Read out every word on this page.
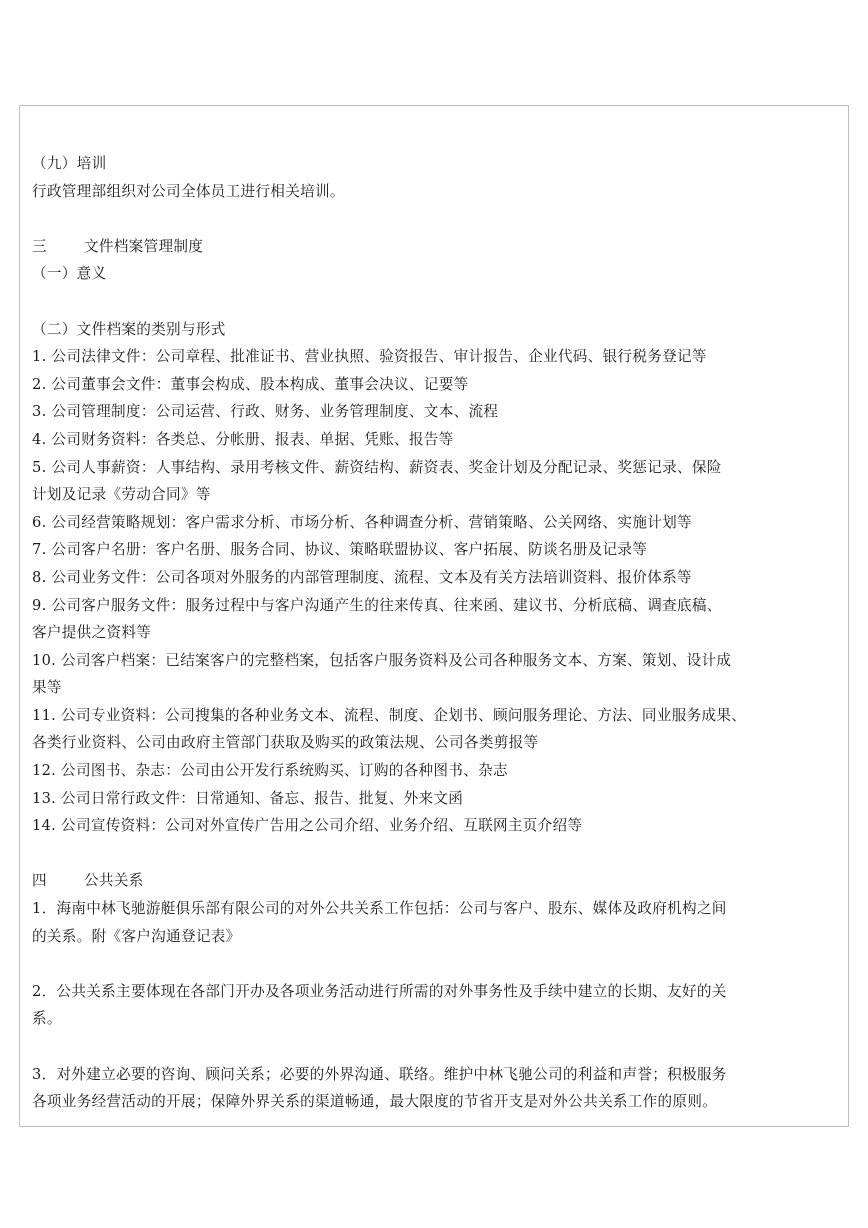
（九）培训
行政管理部组织对公司全体员工进行相关培训。
三	文件档案管理制度
（一）意义
（二）文件档案的类别与形式
1. 公司法律文件：公司章程、批准证书、营业执照、验资报告、审计报告、企业代码、银行税务登记等
2. 公司董事会文件：董事会构成、股本构成、董事会决议、记要等
3. 公司管理制度：公司运营、行政、财务、业务管理制度、文本、流程
4. 公司财务资料：各类总、分帐册、报表、单据、凭账、报告等
5. 公司人事薪资：人事结构、录用考核文件、薪资结构、薪资表、奖金计划及分配记录、奖惩记录、保险
计划及记录《劳动合同》等
6. 公司经营策略规划：客户需求分析、市场分析、各种调查分析、营销策略、公关网络、实施计划等
7. 公司客户名册：客户名册、服务合同、协议、策略联盟协议、客户拓展、防谈名册及记录等
8. 公司业务文件：公司各项对外服务的内部管理制度、流程、文本及有关方法培训资料、报价体系等
9. 公司客户服务文件：服务过程中与客户沟通产生的往来传真、往来函、建议书、分析底稿、调查底稿、
客户提供之资料等
10. 公司客户档案：已结案客户的完整档案，包括客户服务资料及公司各种服务文本、方案、策划、设计成
果等
11. 公司专业资料：公司搜集的各种业务文本、流程、制度、企划书、顾问服务理论、方法、同业服务成果、
各类行业资料、公司由政府主管部门获取及购买的政策法规、公司各类剪报等
12. 公司图书、杂志：公司由公开发行系统购买、订购的各种图书、杂志
13. 公司日常行政文件：日常通知、备忘、报告、批复、外来文函
14. 公司宣传资料：公司对外宣传广告用之公司介绍、业务介绍、互联网主页介绍等
四	公共关系
1．海南中林飞驰游艇俱乐部有限公司的对外公共关系工作包括：公司与客户、股东、媒体及政府机构之间
的关系。附《客户沟通登记表》
2．公共关系主要体现在各部门开办及各项业务活动进行所需的对外事务性及手续中建立的长期、友好的关
系。
3．对外建立必要的咨询、顾问关系；必要的外界沟通、联络。维护中林飞驰公司的利益和声誉；积极服务
各项业务经营活动的开展；保障外界关系的渠道畅通，最大限度的节省开支是对外公共关系工作的原则。
